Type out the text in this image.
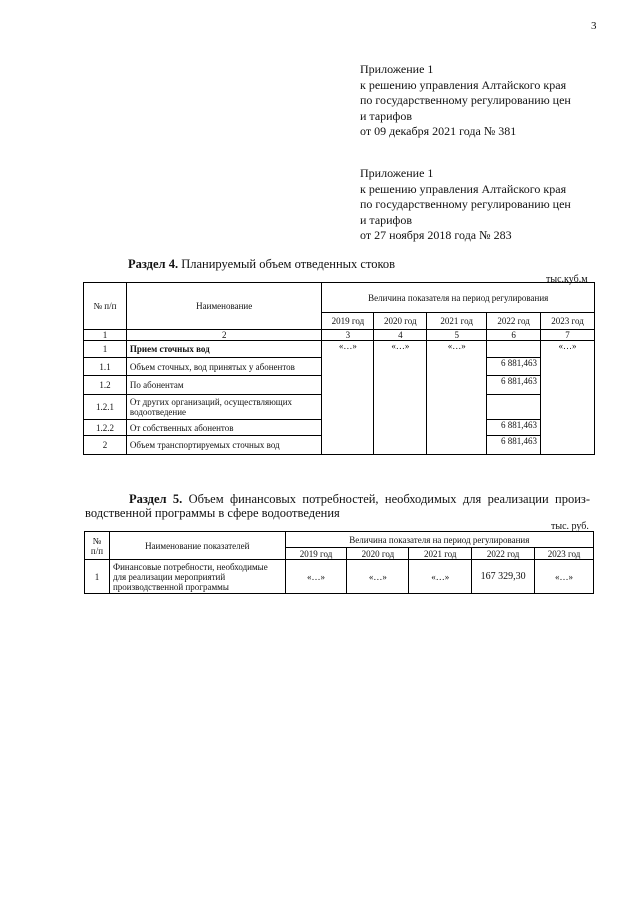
3
Приложение 1
к решению управления Алтайского края
по государственному регулированию цен
и тарифов
от 09 декабря 2021 года № 381
Приложение 1
к решению управления Алтайского края
по государственному регулированию цен
и тарифов
от 27 ноября 2018 года № 283
Раздел 4. Планируемый объем отведенных стоков
тыс.куб.м
№ п/п	Наименование	Величина показателя на период регулирования				
		2019 год	2020 год	2021 год	2022 год	2023 год
1	2	3	4	5	6	7
1	Прием сточных вод	«…»	«…»	«…»		«…»
1.1	Объем сточных, вод принятых у абонентов				6 881,463	
1.2	По абонентам				6 881,463	
1.2.1	От других организаций, осуществляющих водоотведение					
1.2.2	От собственных абонентов				6 881,463	
2	Объем транспортируемых сточных вод				6 881,463	
Раздел 5. Объем финансовых потребностей, необходимых для реализации произ-водственной программы в сфере водоотведения
тыс. руб.
№ п/п	Наименование показателей	Величина показателя на период регулирования				
		2019 год	2020 год	2021 год	2022 год	2023 год
1	Финансовые потребности, необходимые для реализации мероприятий производственной программы	«…»	«…»	«…»	167 329,30	«…»
